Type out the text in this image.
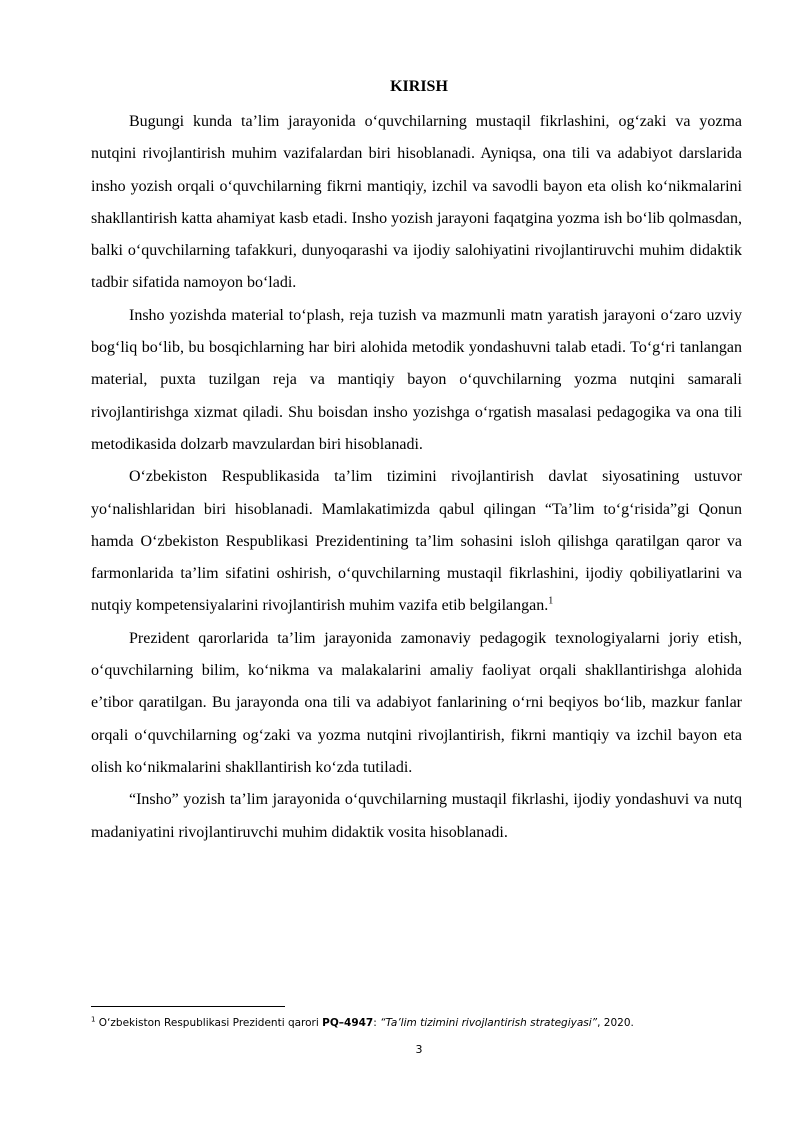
KIRISH

Bugungi kunda ta’lim jarayonida o‘quvchilarning mustaqil fikrlashini, og‘zaki va yozma nutqini rivojlantirish muhim vazifalardan biri hisoblanadi. Ayniqsa, ona tili va adabiyot darslarida insho yozish orqali o‘quvchilarning fikrni mantiqiy, izchil va savodli bayon eta olish ko‘nikmalarini shakllantirish katta ahamiyat kasb etadi. Insho yozish jarayoni faqatgina yozma ish bo‘lib qolmasdan, balki o‘quvchilarning tafakkuri, dunyoqarashi va ijodiy salohiyatini rivojlantiruvchi muhim didaktik tadbir sifatida namoyon bo‘ladi.

Insho yozishda material to‘plash, reja tuzish va mazmunli matn yaratish jarayoni o‘zaro uzviy bog‘liq bo‘lib, bu bosqichlarning har biri alohida metodik yondashuvni talab etadi. To‘g‘ri tanlangan material, puxta tuzilgan reja va mantiqiy bayon o‘quvchilarning yozma nutqini samarali rivojlantirishga xizmat qiladi. Shu boisdan insho yozishga o‘rgatish masalasi pedagogika va ona tili metodikasida dolzarb mavzulardan biri hisoblanadi.

O‘zbekiston Respublikasida ta’lim tizimini rivojlantirish davlat siyosatining ustuvor yo‘nalishlaridan biri hisoblanadi. Mamlakatimizda qabul qilingan “Ta’lim to‘g‘risida”gi Qonun hamda O‘zbekiston Respublikasi Prezidentining ta’lim sohasini isloh qilishga qaratilgan qaror va farmonlarida ta’lim sifatini oshirish, o‘quvchilarning mustaqil fikrlashini, ijodiy qobiliyatlarini va nutqiy kompetensiyalarini rivojlantirish muhim vazifa etib belgilangan.$^1$

Prezident qarorlarida ta’lim jarayonida zamonaviy pedagogik texnologiyalarni joriy etish, o‘quvchilarning bilim, ko‘nikma va malakalarini amaliy faoliyat orqali shakllantirishga alohida e’tibor qaratilgan. Bu jarayonda ona tili va adabiyot fanlarining o‘rni beqiyos bo‘lib, mazkur fanlar orqali o‘quvchilarning og‘zaki va yozma nutqini rivojlantirish, fikrni mantiqiy va izchil bayon eta olish ko‘nikmalarini shakllantirish ko‘zda tutiladi.

“Insho” yozish ta’lim jarayonida o‘quvchilarning mustaqil fikrlashi, ijodiy yondashuvi va nutq madaniyatini rivojlantiruvchi muhim didaktik vosita hisoblanadi.

$^1$ O‘zbekiston Respublikasi Prezidenti qarori PQ–4947: “Ta’lim tizimini rivojlantirish strategiyasi”, 2020.
3
